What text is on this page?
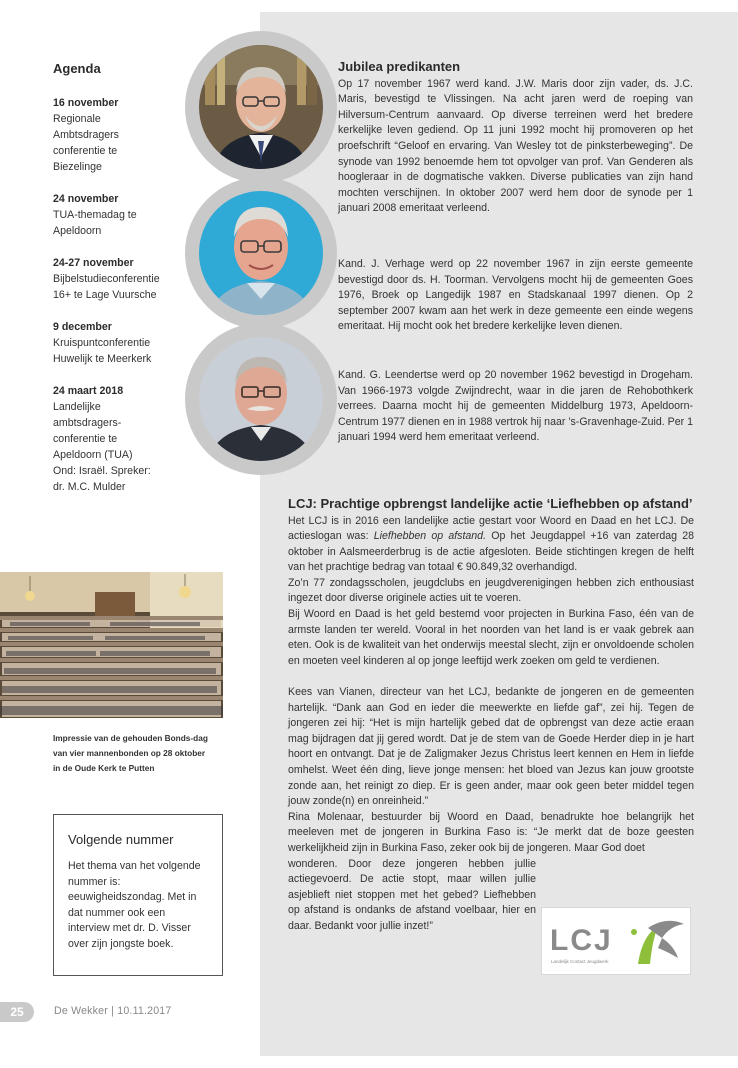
Agenda
16 november
Regionale
Ambtsdragers
conferentie te
Biezelinge
24 november
TUA-themadag te
Apeldoorn
24-27 november
Bijbelstudieconferentie
16+ te Lage Vuursche
9 december
Kruispuntconferentie
Huwelijk te Meerkerk
24 maart 2018
Landelijke
ambtsdragers-
conferentie te
Apeldoorn (TUA)
Ond: Israël. Spreker:
dr. M.C. Mulder
Jubilea predikanten

Op 17 november 1967 werd kand. J.W. Maris door zijn vader, ds. J.C. Maris, bevestigd te Vlissingen. Na acht jaren werd de roeping van Hilversum-Centrum aanvaard. Op diverse terreinen werd het bredere kerkelijke leven gediend. Op 11 juni 1992 mocht hij promoveren op het proefschrift “Geloof en ervaring. Van Wesley tot de pinksterbeweging”. De synode van 1992 benoemde hem tot opvolger van prof. Van Genderen als hoogleraar in de dogmatische vakken. Diverse publicaties van zijn hand mochten verschijnen. In oktober 2007 werd hem door de synode per 1 januari 2008 emeritaat verleend.

Kand. J. Verhage werd op 22 november 1967 in zijn eerste gemeente bevestigd door ds. H. Toorman. Vervolgens mocht hij de gemeenten Goes 1976, Broek op Langedijk 1987 en Stadskanaal 1997 dienen. Op 2 september 2007 kwam aan het werk in deze gemeente een einde wegens emeritaat. Hij mocht ook het bredere kerkelijke leven dienen.

Kand. G. Leendertse werd op 20 november 1962 bevestigd in Drogeham. Van 1966-1973 volgde Zwijndrecht, waar in die jaren de Rehobothkerk verrees. Daarna mocht hij de gemeenten Middelburg 1973, Apeldoorn-Centrum 1977 dienen en in 1988 vertrok hij naar ’s-Gravenhage-Zuid. Per 1 januari 1994 werd hem emeritaat verleend.

Impressie van de gehouden Bonds-dag van vier mannenbonden op 28 oktober in de Oude Kerk te Putten
Volgende nummer

Het thema van het volgende nummer is: eeuwigheidszondag. Met in dat nummer ook een interview met dr. D. Visser over zijn jongste boek.

LCJ: Prachtige opbrengst landelijke actie ‘Liefhebben op afstand’

Het LCJ is in 2016 een landelijke actie gestart voor Woord en Daad en het LCJ. De actieslogan was: Liefhebben op afstand. Op het Jeugdappel +16 van zaterdag 28 oktober in Aalsmeerderbrug is de actie afgesloten. Beide stichtingen kregen de helft van het prachtige bedrag van totaal € 90.849,32 overhandigd.

Zo’n 77 zondagsscholen, jeugdclubs en jeugdverenigingen hebben zich enthousiast ingezet door diverse originele acties uit te voeren.

Bij Woord en Daad is het geld bestemd voor projecten in Burkina Faso, één van de armste landen ter wereld. Vooral in het noorden van het land is er vaak gebrek aan eten. Ook is de kwaliteit van het onderwijs meestal slecht, zijn er onvoldoende scholen en moeten veel kinderen al op jonge leeftijd werk zoeken om geld te verdienen.

Kees van Vianen, directeur van het LCJ, bedankte de jongeren en de gemeenten hartelijk. “Dank aan God en ieder die meewerkte en liefde gaf”, zei hij. Tegen de jongeren zei hij: “Het is mijn hartelijk gebed dat de opbrengst van deze actie eraan mag bijdragen dat jij gered wordt. Dat je de stem van de Goede Herder diep in je hart hoort en ontvangt. Dat je de Zaligmaker Jezus Christus leert kennen en Hem in liefde omhelst. Weet één ding, lieve jonge mensen: het bloed van Jezus kan jouw grootste zonde aan, het reinigt zo diep. Er is geen ander, maar ook geen beter middel tegen jouw zonde(n) en onreinheid.”

Rina Molenaar, bestuurder bij Woord en Daad, benadrukte hoe belangrijk het meeleven met de jongeren in Burkina Faso is: “Je merkt dat de boze geesten werkelijkheid zijn in Burkina Faso, zeker ook bij de jongeren. Maar God doet

wonderen. Door deze jongeren hebben jullie actiegevoerd. De actie stopt, maar willen jullie asjeblieft niet stoppen met het gebed? Liefhebben op afstand is ondanks de afstand voelbaar, hier en daar. Bedankt voor jullie inzet!”	LCJ
Landelijk Contact Jeugdwerk
25	De Wekker | 10.11.2017
